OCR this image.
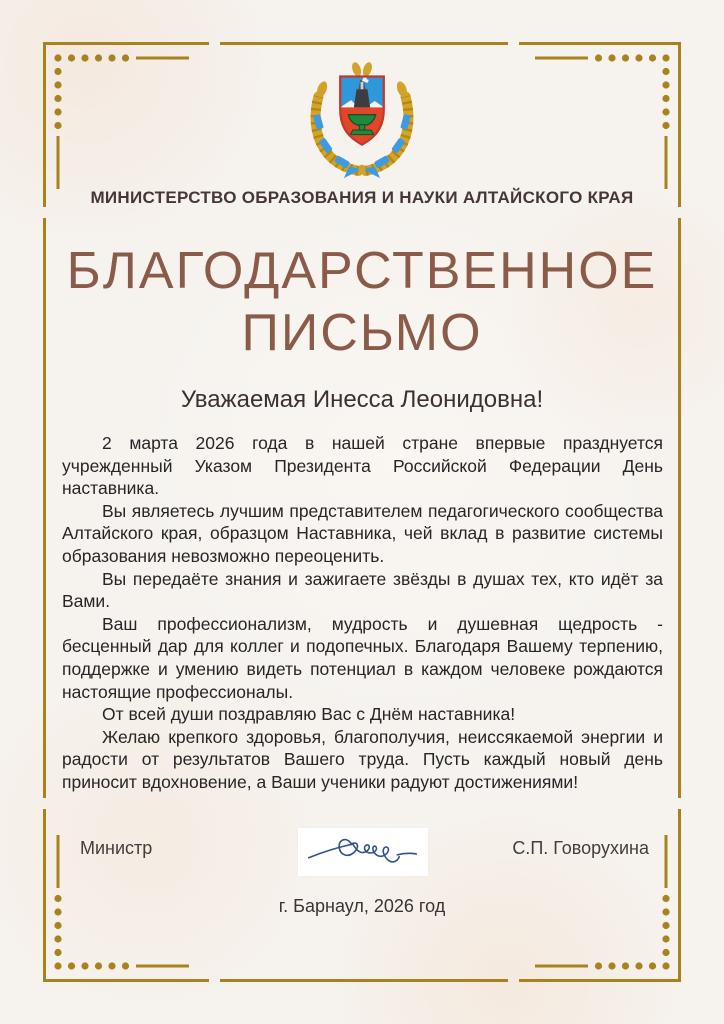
МИНИСТЕРСТВО ОБРАЗОВАНИЯ И НАУКИ АЛТАЙСКОГО КРАЯ
БЛАГОДАРСТВЕННОЕ
ПИСЬМО
Уважаемая Инесса Леонидовна!

2 марта 2026 года в нашей стране впервые празднуется учрежденный Указом Президента Российской Федерации День наставника.

Вы являетесь лучшим представителем педагогического сообщества Алтайского края, образцом Наставника, чей вклад в развитие системы образования невозможно переоценить.

Вы передаёте знания и зажигаете звёзды в душах тех, кто идёт за Вами.

Ваш профессионализм, мудрость и душевная щедрость - бесценный дар для коллег и подопечных. Благодаря Вашему терпению, поддержке и умению видеть потенциал в каждом человеке рождаются настоящие профессионалы.

От всей души поздравляю Вас с Днём наставника!

Желаю крепкого здоровья, благополучия, неиссякаемой энергии и радости от результатов Вашего труда. Пусть каждый новый день приносит вдохновение, а Ваши ученики радуют достижениями!

Министр	С.П. Говорухина
г. Барнаул, 2026 год
